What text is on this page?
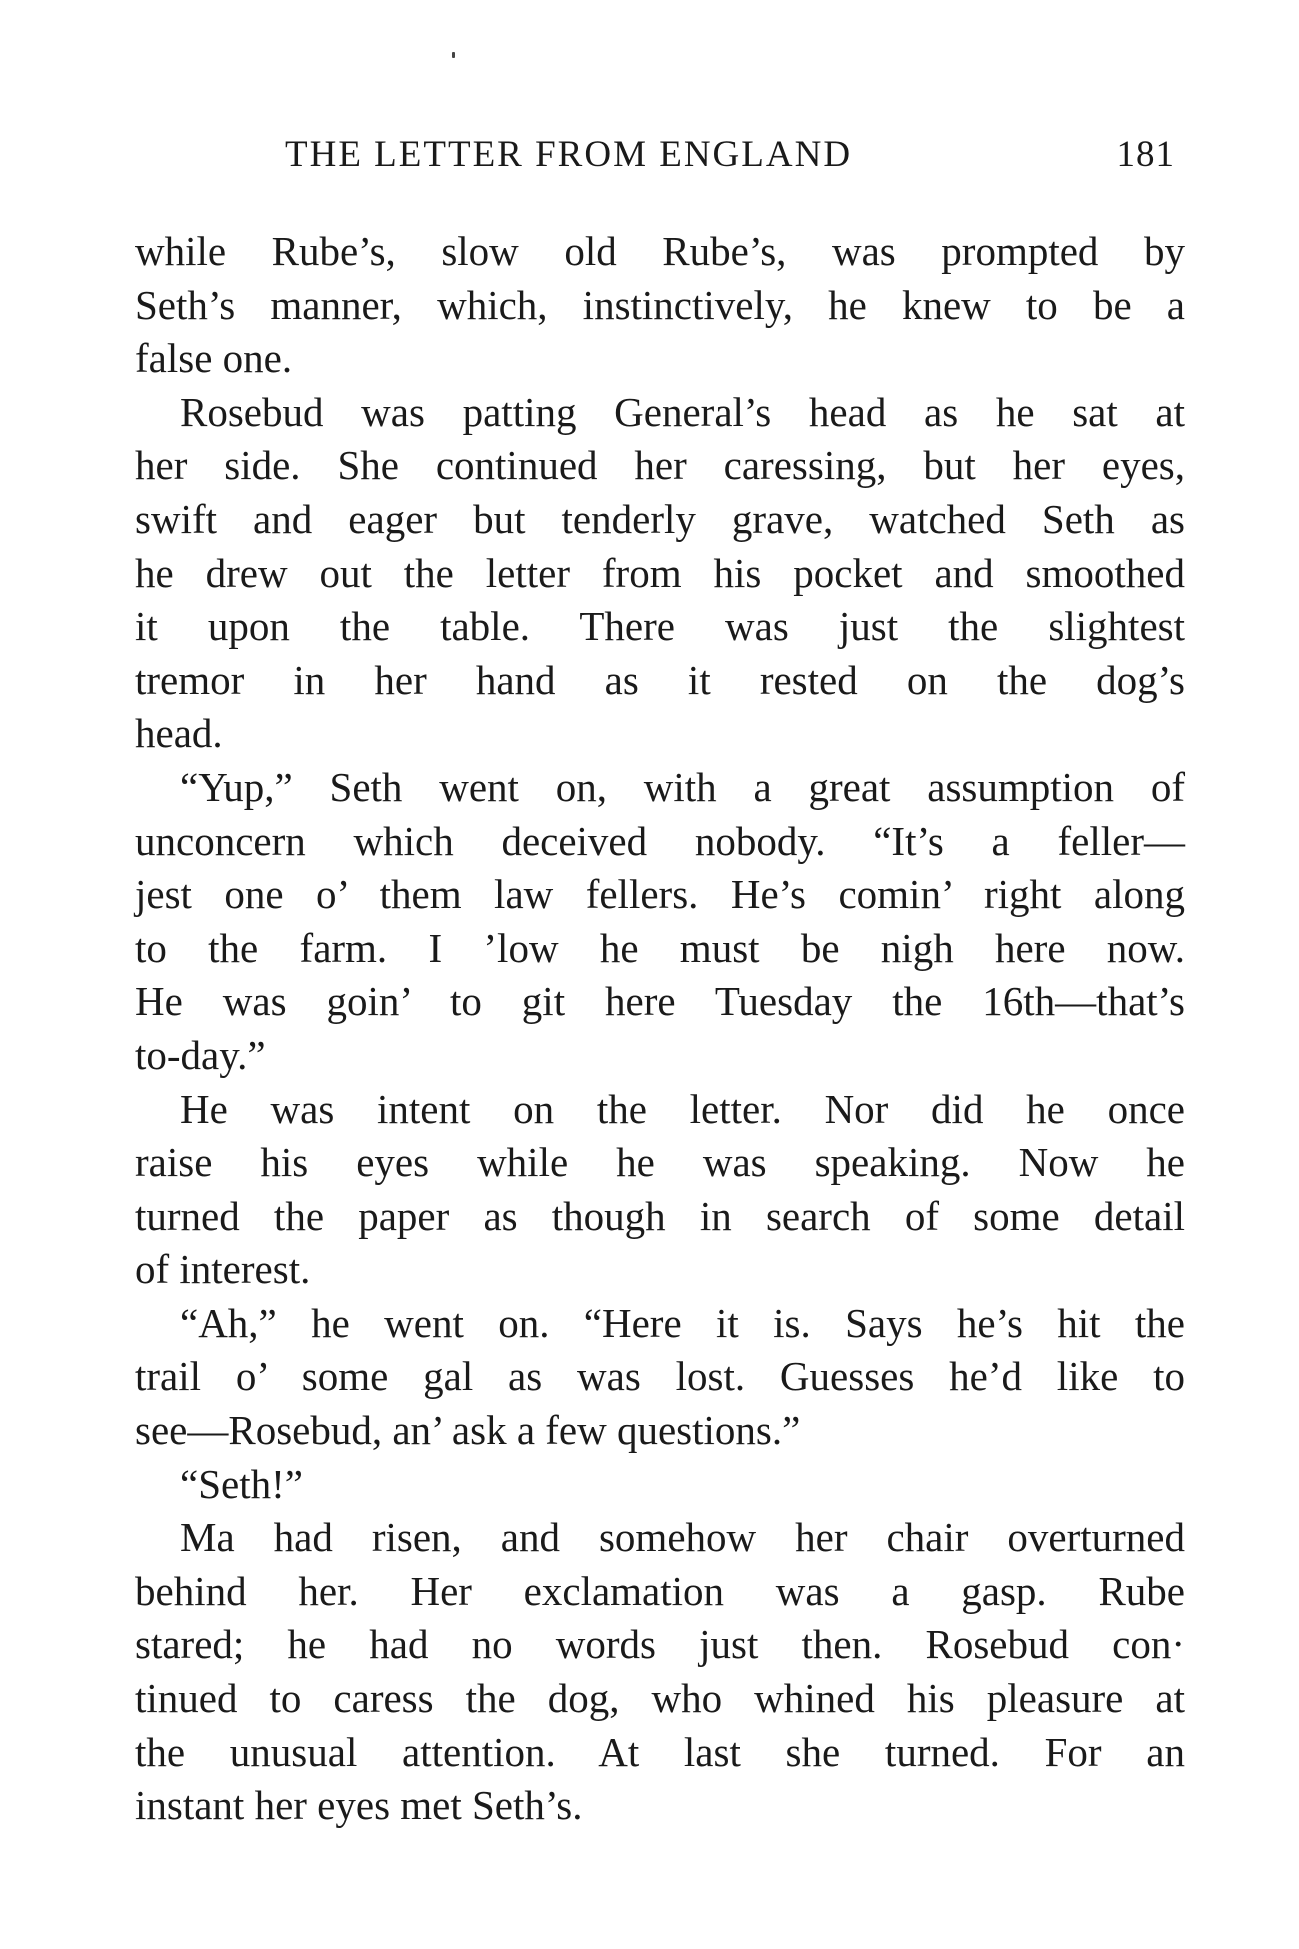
THE LETTER FROM ENGLAND	181
while Rube’s, slow old Rube’s, was prompted by
Seth’s manner, which, instinctively, he knew to be a
false one.
Rosebud was patting General’s head as he sat at
her side. She continued her caressing, but her eyes,
swift and eager but tenderly grave, watched Seth as
he drew out the letter from his pocket and smoothed
it upon the table. There was just the slightest
tremor in her hand as it rested on the dog’s
head.
“Yup,” Seth went on, with a great assumption of
unconcern which deceived nobody. “It’s a feller—
jest one o’ them law fellers. He’s comin’ right along
to the farm. I ’low he must be nigh here now.
He was goin’ to git here Tuesday the 16th—that’s
to-day.”
He was intent on the letter. Nor did he once
raise his eyes while he was speaking. Now he
turned the paper as though in search of some detail
of interest.
“Ah,” he went on. “Here it is. Says he’s hit the
trail o’ some gal as was lost. Guesses he’d like to
see—Rosebud, an’ ask a few questions.”
“Seth!”
Ma had risen, and somehow her chair overturned
behind her. Her exclamation was a gasp. Rube
stared; he had no words just then. Rosebud con·
tinued to caress the dog, who whined his pleasure at
the unusual attention. At last she turned. For an
instant her eyes met Seth’s.
